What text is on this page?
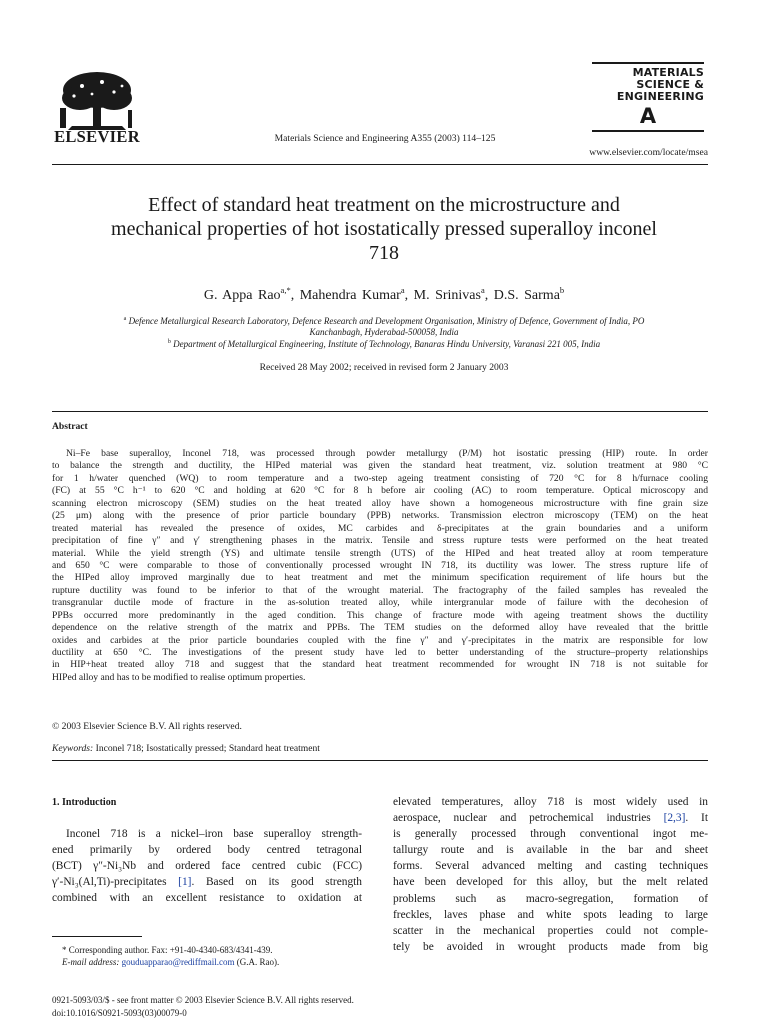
ELSEVIER	Materials Science and Engineering A355 (2003) 114–125
MATERIALS
SCIENCE &
ENGINEERING
A
www.elsevier.com/locate/msea
Effect of standard heat treatment on the microstructure and
mechanical properties of hot isostatically pressed superalloy inconel
718
G. Appa Rao$^{a,*}$, Mahendra Kumar$^a$, M. Srinivas$^a$, D.S. Sarma$^b$
$^a$ Defence Metallurgical Research Laboratory, Defence Research and Development Organisation, Ministry of Defence, Government of India, PO
Kanchanbagh, Hyderabad-500058, India
$^b$ Department of Metallurgical Engineering, Institute of Technology, Banaras Hindu University, Varanasi 221 005, India
Received 28 May 2002; received in revised form 2 January 2003
Abstract
Ni–Fe base superalloy, Inconel 718, was processed through powder metallurgy (P/M) hot isostatic pressing (HIP) route. In order
to balance the strength and ductility, the HIPed material was given the standard heat treatment, viz. solution treatment at 980 °C
for 1 h/water quenched (WQ) to room temperature and a two-step ageing treatment consisting of 720 °C for 8 h/furnace cooling
(FC) at 55 °C h⁻¹ to 620 °C and holding at 620 °C for 8 h before air cooling (AC) to room temperature. Optical microscopy and
scanning electron microscopy (SEM) studies on the heat treated alloy have shown a homogeneous microstructure with fine grain size
(25 μm) along with the presence of prior particle boundary (PPB) networks. Transmission electron microscopy (TEM) on the heat
treated material has revealed the presence of oxides, MC carbides and δ-precipitates at the grain boundaries and a uniform
precipitation of fine γ″ and γ′ strengthening phases in the matrix. Tensile and stress rupture tests were performed on the heat treated
material. While the yield strength (YS) and ultimate tensile strength (UTS) of the HIPed and heat treated alloy at room temperature
and 650 °C were comparable to those of conventionally processed wrought IN 718, its ductility was lower. The stress rupture life of
the HIPed alloy improved marginally due to heat treatment and met the minimum specification requirement of life hours but the
rupture ductility was found to be inferior to that of the wrought material. The fractography of the failed samples has revealed the
transgranular ductile mode of fracture in the as-solution treated alloy, while intergranular mode of failure with the decohesion of
PPBs occurred more predominantly in the aged condition. This change of fracture mode with ageing treatment shows the ductility
dependence on the relative strength of the matrix and PPBs. The TEM studies on the deformed alloy have revealed that the brittle
oxides and carbides at the prior particle boundaries coupled with the fine γ″ and γ′-precipitates in the matrix are responsible for low
ductility at 650 °C. The investigations of the present study have led to better understanding of the structure–property relationships
in HIP+heat treated alloy 718 and suggest that the standard heat treatment recommended for wrought IN 718 is not suitable for
HIPed alloy and has to be modified to realise optimum properties.
© 2003 Elsevier Science B.V. All rights reserved.
Keywords: Inconel 718; Isostatically pressed; Standard heat treatment
1. Introduction
Inconel 718 is a nickel–iron base superalloy strength-
ened primarily by ordered body centred tetragonal
(BCT) γ″-Ni₃Nb and ordered face centred cubic (FCC)
γ′-Ni₃(Al,Ti)-precipitates [1]. Based on its good strength
combined with an excellent resistance to oxidation at
elevated temperatures, alloy 718 is most widely used in
aerospace, nuclear and petrochemical industries [2,3]. It
is generally processed through conventional ingot me-
tallurgy route and is available in the bar and sheet
forms. Several advanced melting and casting techniques
have been developed for this alloy, but the melt related
problems such as macro-segregation, formation of
freckles, laves phase and white spots leading to large
scatter in the mechanical properties could not comple-
tely be avoided in wrought products made from big
* Corresponding author. Fax: +91-40-4340-683/4341-439.
E-mail address: gouduapparao@rediffmail.com (G.A. Rao).
0921-5093/03/$ - see front matter © 2003 Elsevier Science B.V. All rights reserved.
doi:10.1016/S0921-5093(03)00079-0
